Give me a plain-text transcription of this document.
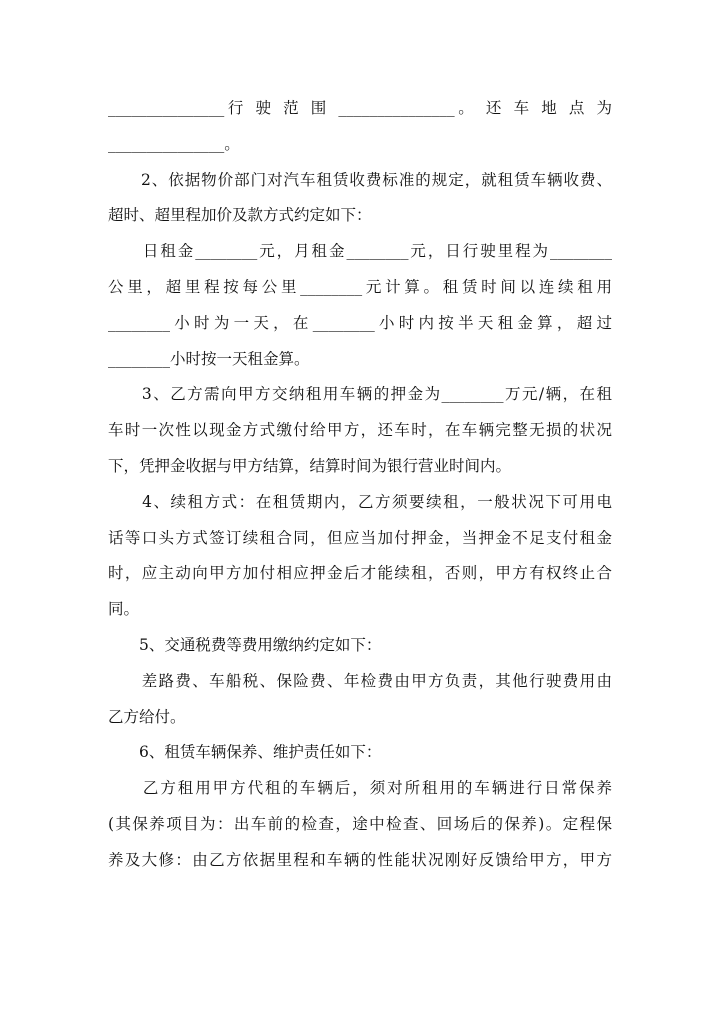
_______________行 驶 范 围 _______________。 还 车 地 点 为
_______________。
　　2、依据物价部门对汽车租赁收费标准的规定，就租赁车辆收费、
超时、超里程加价及款方式约定如下：
　　日租金________元，月租金________元，日行驶里程为________
公里，超里程按每公里________元计算。租赁时间以连续租用
________小时为一天，在________小时内按半天租金算，超过
________小时按一天租金算。
　　3、乙方需向甲方交纳租用车辆的押金为________万元/辆，在租
车时一次性以现金方式缴付给甲方，还车时，在车辆完整无损的状况
下，凭押金收据与甲方结算，结算时间为银行营业时间内。
　　4、续租方式：在租赁期内，乙方须要续租，一般状况下可用电
话等口头方式签订续租合同，但应当加付押金，当押金不足支付租金
时，应主动向甲方加付相应押金后才能续租，否则，甲方有权终止合
同。
　　5、交通税费等费用缴纳约定如下：
　　差路费、车船税、保险费、年检费由甲方负责，其他行驶费用由
乙方给付。
　　6、租赁车辆保养、维护责任如下：
　　乙方租用甲方代租的车辆后，须对所租用的车辆进行日常保养
(其保养项目为：出车前的检查，途中检查、回场后的保养)。定程保
养及大修：由乙方依据里程和车辆的性能状况刚好反馈给甲方，甲方
